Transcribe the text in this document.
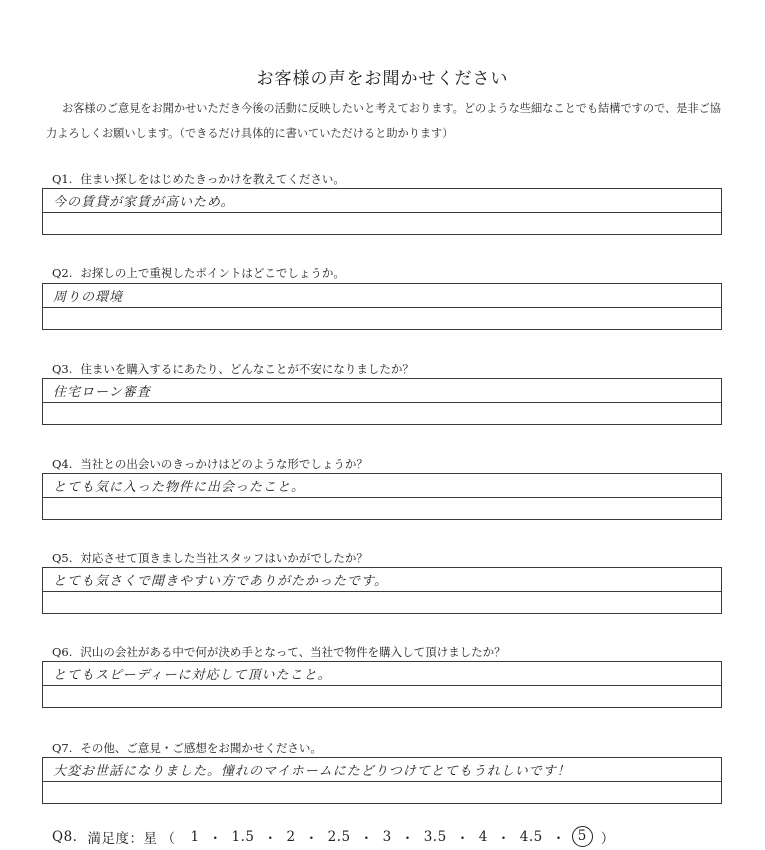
お客様の声をお聞かせください
お客様のご意見をお聞かせいただき今後の活動に反映したいと考えております。どのような些細なことでも結構ですので、是非ご協力よろしくお願いします。（できるだけ具体的に書いていただけると助かります）
Q1. 住まい探しをはじめたきっかけを教えてください。
今の賃貸が家賃が高いため。
Q2. お探しの上で重視したポイントはどこでしょうか。
周りの環境
Q3. 住まいを購入するにあたり、どんなことが不安になりましたか？
住宅ローン審査
Q4. 当社との出会いのきっかけはどのような形でしょうか？
とても気に入った物件に出会ったこと。
Q5. 対応させて頂きました当社スタッフはいかがでしたか？
とても気さくで聞きやすい方でありがたかったです。
Q6. 沢山の会社がある中で何が決め手となって、当社で物件を購入して頂けましたか？
とてもスピーディーに対応して頂いたこと。
Q7. その他、ご意見・ご感想をお聞かせください。
大変お世話になりました。憧れのマイホームにたどりつけてとてもうれしいです！
Q8. 満足度：星 （ 1 ・ 1.5 ・ 2 ・ 2.5 ・ 3 ・ 3.5 ・ 4 ・ 4.5 ・ 5	）
